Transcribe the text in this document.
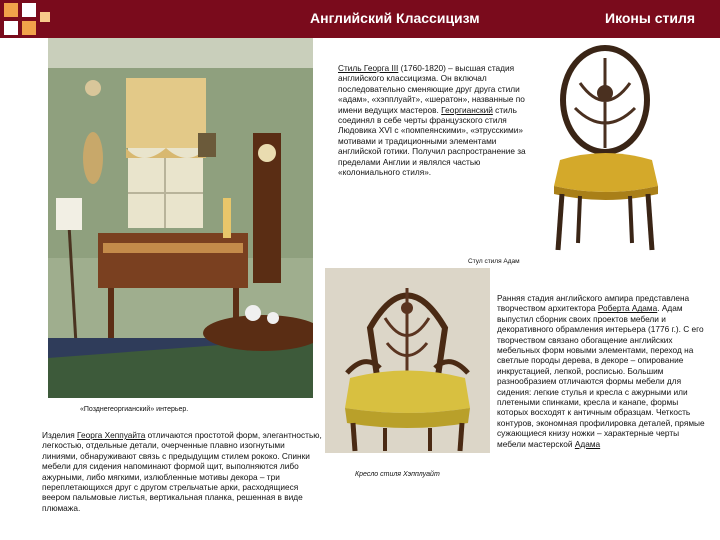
Английский Классицизм	Иконы стиля
«Позднегеоргианский» интерьер.
Стиль Георга III (1760-1820) – высшая стадия английского классицизма. Он включал последовательно сменяющие друг друга стили «адам», «хэпплуайт», «шератон», названные по имени ведущих мастеров. Георгианский стиль соединял в себе черты французского стиля Людовика XVI с «помпеянскими», «этрусскими» мотивами и традиционными элементами английской готики. Получил распространение за пределами Англии и являлся частью «колониального стиля».
Стул стиля Адам
Кресло стиля Хэпплуайт
Изделия Георга Хеппуайта отличаются простотой форм, элегантностью, легкостью, отдельные детали, очерченные плавно изогнутыми линиями, обнаруживают связь с предыдущим стилем рококо. Спинки мебели для сидения напоминают формой щит, выполняются либо ажурными, либо мягкими, излюбленные мотивы декора – три переплетающихся друг с другом стрельчатые арки, расходящиеся веером пальмовые листья, вертикальная планка, решенная в виде плюмажа.
Ранняя стадия английского ампира представлена творчеством архитектора Роберта Адама. Адам выпустил сборник своих проектов мебели и декоративного обрамления интерьера (1776 г.). С его творчеством связано обогащение английских мебельных форм новыми элементами, переход на светлые породы дерева, в декоре – опирование инкрустацией, лепкой, росписью. Большим разнообразием отличаются формы мебели для сидения: легкие стулья и кресла с ажурными или плетеными спинками, кресла и канапе, формы которых восходят к античным образцам. Четкость контуров, экономная профилировка деталей, прямые сужающиеся книзу ножки – характерные черты мебели мастерской Адама
